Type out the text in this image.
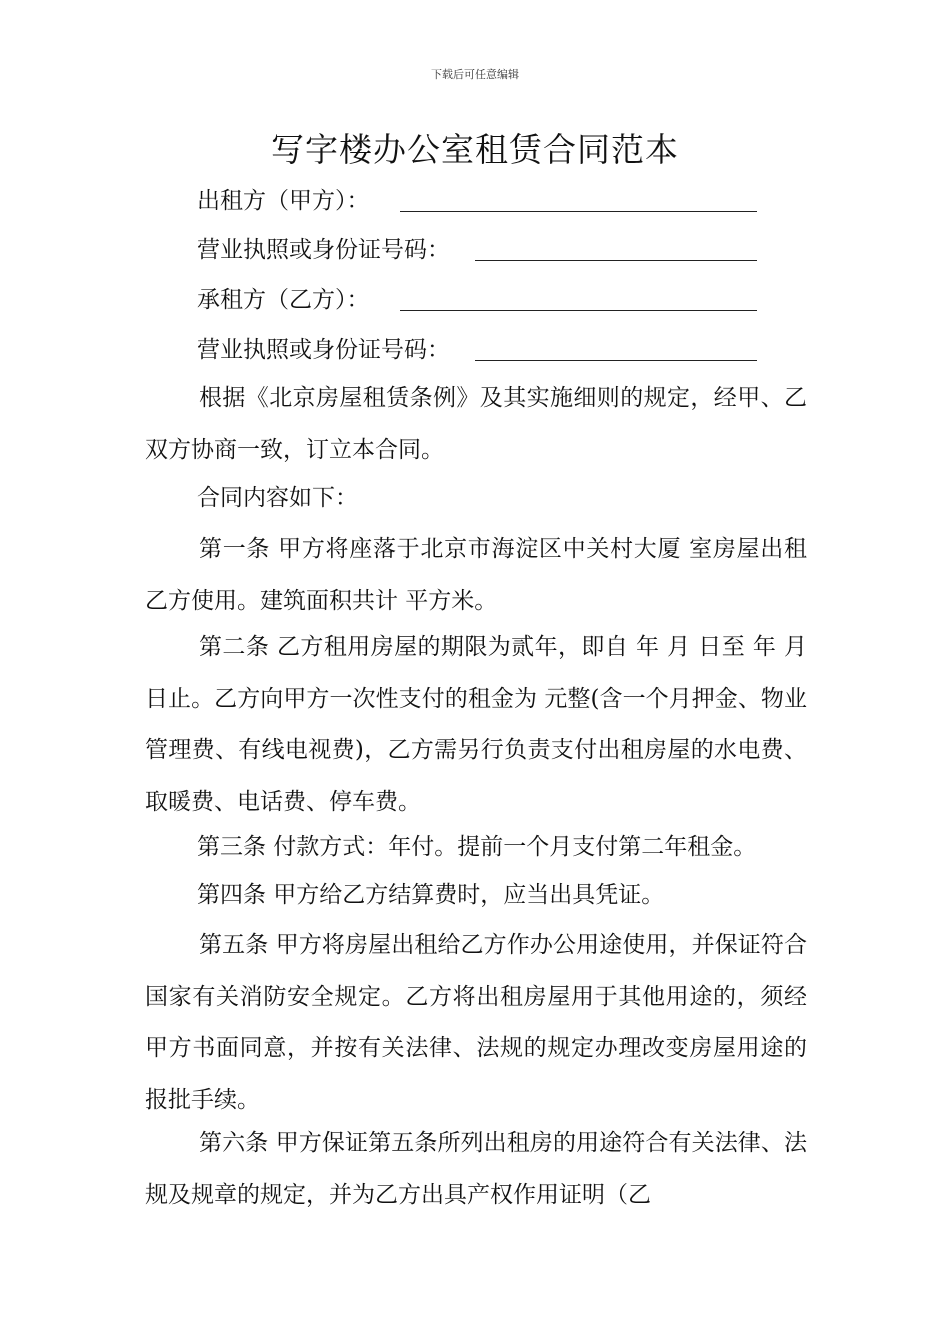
下载后可任意编辑
写字楼办公室租赁合同范本
出租方（甲方）：
营业执照或身份证号码：
承租方（乙方）：
营业执照或身份证号码：

根据《北京房屋租赁条例》及其实施细则的规定，经甲、乙双方协商一致，订立本合同。

合同内容如下：

第一条 甲方将座落于北京市海淀区中关村大厦 室房屋出租乙方使用。建筑面积共计 平方米。

第二条 乙方租用房屋的期限为贰年，即自 年 月 日至 年 月 日止。乙方向甲方一次性支付的租金为 元整(含一个月押金、物业管理费、有线电视费)，乙方需另行负责支付出租房屋的水电费、取暖费、电话费、停车费。

第三条 付款方式：年付。提前一个月支付第二年租金。

第四条 甲方给乙方结算费时，应当出具凭证。

第五条 甲方将房屋出租给乙方作办公用途使用，并保证符合国家有关消防安全规定。乙方将出租房屋用于其他用途的，须经甲方书面同意，并按有关法律、法规的规定办理改变房屋用途的报批手续。

第六条 甲方保证第五条所列出租房的用途符合有关法律、法规及规章的规定，并为乙方出具产权作用证明（乙
